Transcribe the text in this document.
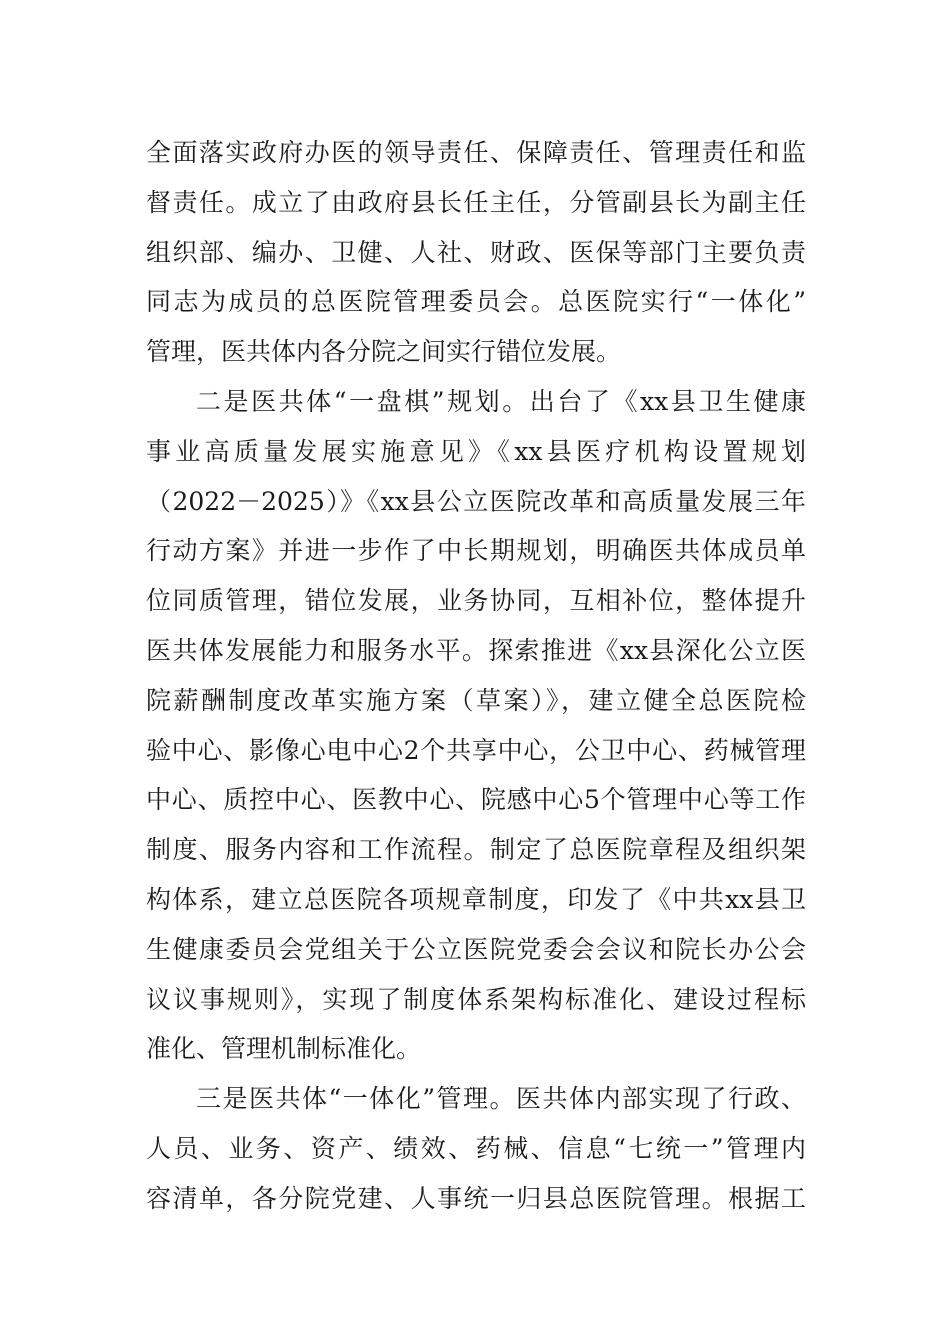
全面落实政府办医的领导责任、保障责任、管理责任和监
督责任。成立了由政府县长任主任，分管副县长为副主任
组织部、编办、卫健、人社、财政、医保等部门主要负责
同志为成员的总医院管理委员会。总医院实行“一体化”
管理，医共体内各分院之间实行错位发展。
二是医共体“一盘棋”规划。出台了《xx县卫生健康
事业高质量发展实施意见》《xx县医疗机构设置规划
（2022－2025）》《xx县公立医院改革和高质量发展三年
行动方案》并进一步作了中长期规划，明确医共体成员单
位同质管理，错位发展，业务协同，互相补位，整体提升
医共体发展能力和服务水平。探索推进《xx县深化公立医
院薪酬制度改革实施方案（草案）》，建立健全总医院检
验中心、影像心电中心2个共享中心，公卫中心、药械管理
中心、质控中心、医教中心、院感中心5个管理中心等工作
制度、服务内容和工作流程。制定了总医院章程及组织架
构体系，建立总医院各项规章制度，印发了《中共xx县卫
生健康委员会党组关于公立医院党委会会议和院长办公会
议议事规则》，实现了制度体系架构标准化、建设过程标
准化、管理机制标准化。
三是医共体“一体化”管理。医共体内部实现了行政、
人员、业务、资产、绩效、药械、信息“七统一”管理内
容清单，各分院党建、人事统一归县总医院管理。根据工
